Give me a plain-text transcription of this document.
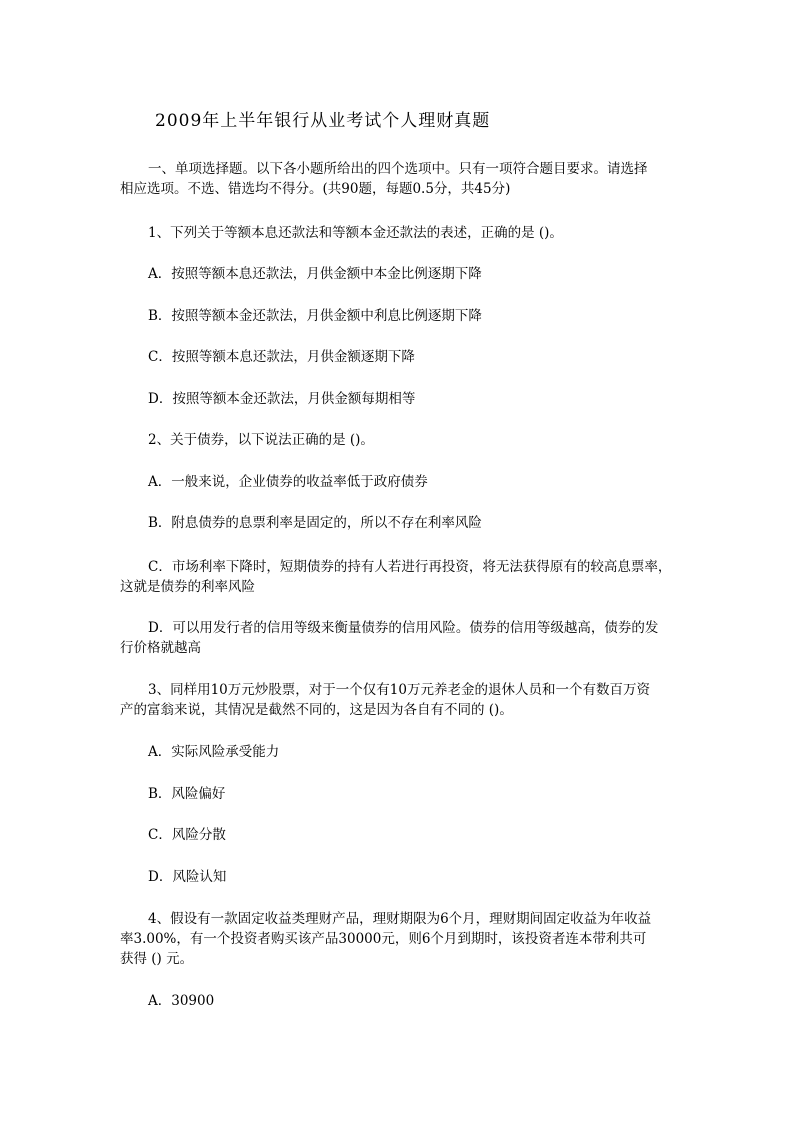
2009年上半年银行从业考试个人理财真题
一、单项选择题。以下各小题所给出的四个选项中。只有一项符合题目要求。请选择
相应选项。不选、错选均不得分。(共90题，每题0.5分，共45分)
1、下列关于等额本息还款法和等额本金还款法的表述，正确的是 ()。
A．按照等额本息还款法，月供金额中本金比例逐期下降
B．按照等额本金还款法，月供金额中利息比例逐期下降
C．按照等额本息还款法，月供金额逐期下降
D．按照等额本金还款法，月供金额每期相等
2、关于债券，以下说法正确的是 ()。
A．一般来说，企业债券的收益率低于政府债券
B．附息债券的息票利率是固定的，所以不存在利率风险
C．市场利率下降时，短期债券的持有人若进行再投资，将无法获得原有的较高息票率，
这就是债券的利率风险
D．可以用发行者的信用等级来衡量债券的信用风险。债券的信用等级越高，债券的发
行价格就越高
3、同样用10万元炒股票，对于一个仅有10万元养老金的退休人员和一个有数百万资
产的富翁来说，其情况是截然不同的，这是因为各自有不同的 ()。
A．实际风险承受能力
B．风险偏好
C．风险分散
D．风险认知
4、假设有一款固定收益类理财产品，理财期限为6个月，理财期间固定收益为年收益
率3.00%，有一个投资者购买该产品30000元，则6个月到期时，该投资者连本带利共可
获得 () 元。
A．30900
